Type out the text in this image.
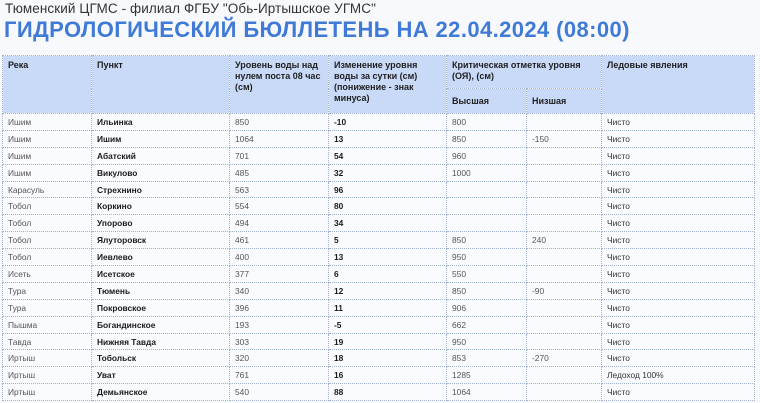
Тюменский ЦГМС - филиал ФГБУ "Обь-Иртышское УГМС"
ГИДРОЛОГИЧЕСКИЙ БЮЛЛЕТЕНЬ НА 22.04.2024 (08:00)
Река	Пункт	Уровень воды над нулем поста 08 час (см)	Изменение уровня воды за сутки (см) (понижение - знак минуса)	Критическая отметка уровня (ОЯ), (см)		Ледовые явления
				Высшая	Низшая	
Ишим	Ильинка	850	-10	800		Чисто
Ишим	Ишим	1064	13	850	-150	Чисто
Ишим	Абатский	701	54	960		Чисто
Ишим	Викулово	485	32	1000		Чисто
Карасуль	Стрехнино	563	96			Чисто
Тобол	Коркино	554	80			Чисто
Тобол	Упорово	494	34			Чисто
Тобол	Ялуторовск	461	5	850	240	Чисто
Тобол	Иевлево	400	13	950		Чисто
Исеть	Исетское	377	6	550		Чисто
Тура	Тюмень	340	12	850	-90	Чисто
Тура	Покровское	396	11	906		Чисто
Пышма	Богандинское	193	-5	662		Чисто
Тавда	Нижняя Тавда	303	19	950		Чисто
Иртыш	Тобольск	320	18	853	-270	Чисто
Иртыш	Уват	761	16	1285		Ледоход 100%
Иртыш	Демьянское	540	88	1064		Чисто
